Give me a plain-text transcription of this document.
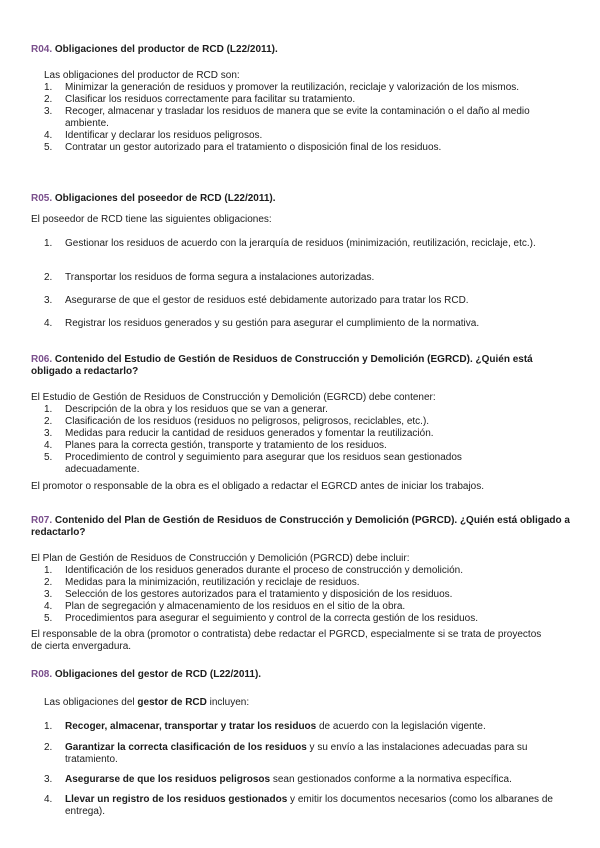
R04. Obligaciones del productor de RCD (L22/2011).
Las obligaciones del productor de RCD son:
1. Minimizar la generación de residuos y promover la reutilización, reciclaje y valorización de los mismos.
2. Clasificar los residuos correctamente para facilitar su tratamiento.
3. Recoger, almacenar y trasladar los residuos de manera que se evite la contaminación o el daño al medio ambiente.
4. Identificar y declarar los residuos peligrosos.
5. Contratar un gestor autorizado para el tratamiento o disposición final de los residuos.
R05. Obligaciones del poseedor de RCD (L22/2011).
El poseedor de RCD tiene las siguientes obligaciones:
1. Gestionar los residuos de acuerdo con la jerarquía de residuos (minimización, reutilización, reciclaje, etc.).
2. Transportar los residuos de forma segura a instalaciones autorizadas.
3. Asegurarse de que el gestor de residuos esté debidamente autorizado para tratar los RCD.
4. Registrar los residuos generados y su gestión para asegurar el cumplimiento de la normativa.
R06. Contenido del Estudio de Gestión de Residuos de Construcción y Demolición (EGRCD). ¿Quién está obligado a redactarlo?
El Estudio de Gestión de Residuos de Construcción y Demolición (EGRCD) debe contener:
1. Descripción de la obra y los residuos que se van a generar.
2. Clasificación de los residuos (residuos no peligrosos, peligrosos, reciclables, etc.).
3. Medidas para reducir la cantidad de residuos generados y fomentar la reutilización.
4. Planes para la correcta gestión, transporte y tratamiento de los residuos.
5. Procedimiento de control y seguimiento para asegurar que los residuos sean gestionados adecuadamente.
El promotor o responsable de la obra es el obligado a redactar el EGRCD antes de iniciar los trabajos.
R07. Contenido del Plan de Gestión de Residuos de Construcción y Demolición (PGRCD). ¿Quién está obligado a redactarlo?
El Plan de Gestión de Residuos de Construcción y Demolición (PGRCD) debe incluir:
1. Identificación de los residuos generados durante el proceso de construcción y demolición.
2. Medidas para la minimización, reutilización y reciclaje de residuos.
3. Selección de los gestores autorizados para el tratamiento y disposición de los residuos.
4. Plan de segregación y almacenamiento de los residuos en el sitio de la obra.
5. Procedimientos para asegurar el seguimiento y control de la correcta gestión de los residuos.
El responsable de la obra (promotor o contratista) debe redactar el PGRCD, especialmente si se trata de proyectos de cierta envergadura.
R08. Obligaciones del gestor de RCD (L22/2011).
Las obligaciones del gestor de RCD incluyen:
1. Recoger, almacenar, transportar y tratar los residuos de acuerdo con la legislación vigente.
2. Garantizar la correcta clasificación de los residuos y su envío a las instalaciones adecuadas para su tratamiento.
3. Asegurarse de que los residuos peligrosos sean gestionados conforme a la normativa específica.
4. Llevar un registro de los residuos gestionados y emitir los documentos necesarios (como los albaranes de entrega).
